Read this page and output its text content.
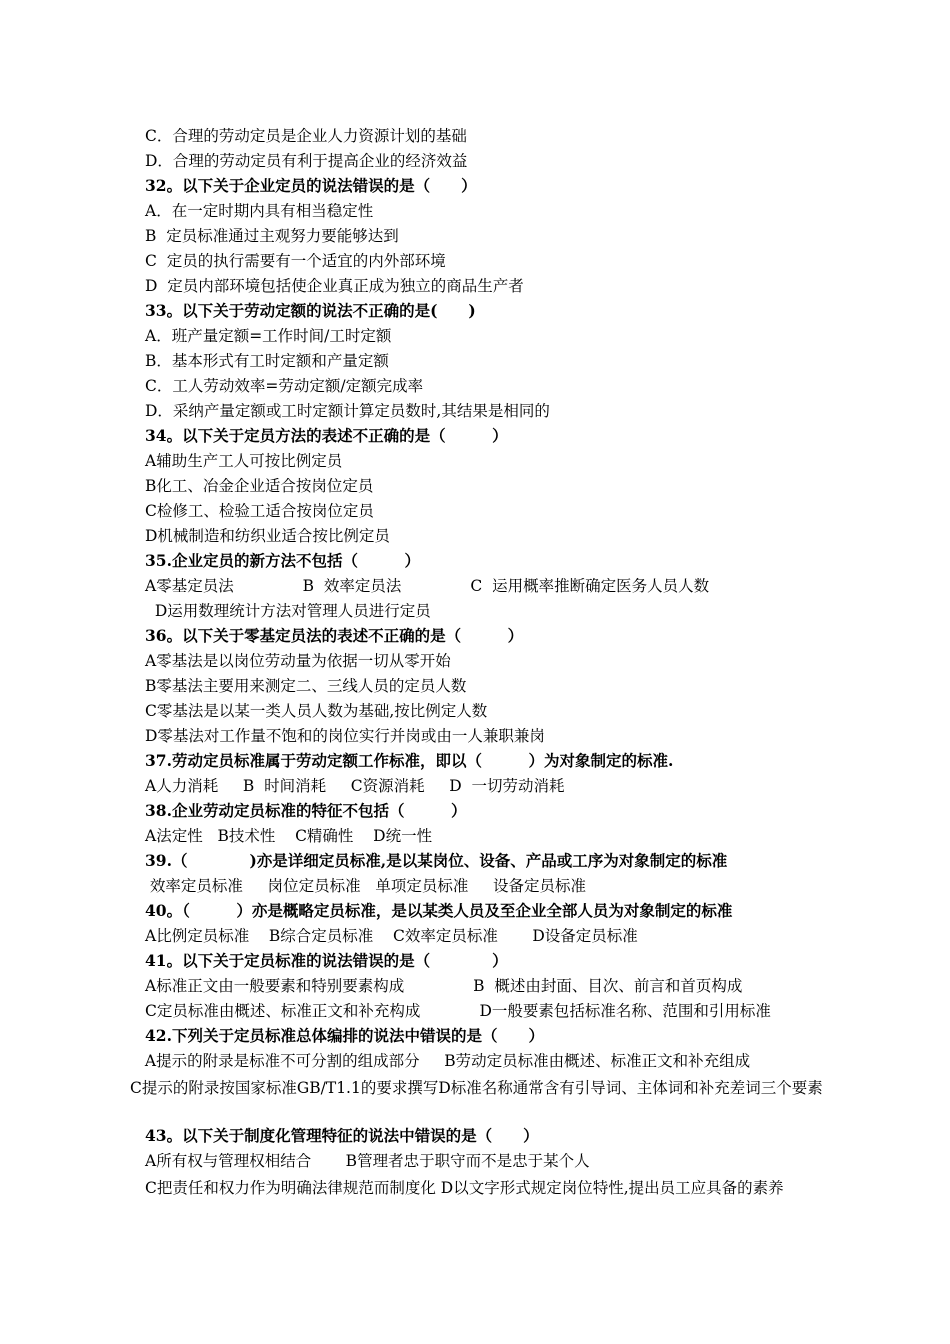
C．合理的劳动定员是企业人力资源计划的基础
D．合理的劳动定员有利于提高企业的经济效益
32。以下关于企业定员的说法错误的是（　　）
A．在一定时期内具有相当稳定性
B  定员标准通过主观努力要能够达到
C  定员的执行需要有一个适宜的内外部环境
D  定员内部环境包括使企业真正成为独立的商品生产者
33。以下关于劳动定额的说法不正确的是(　　)
A．班产量定额=工作时间/工时定额
B．基本形式有工时定额和产量定额
C．工人劳动效率=劳动定额/定额完成率
D．采纳产量定额或工时定额计算定员数时,其结果是相同的
34。以下关于定员方法的表述不正确的是（　　　）
A辅助生产工人可按比例定员
B化工、冶金企业适合按岗位定员
C检修工、检验工适合按岗位定员
D机械制造和纺织业适合按比例定员
35.企业定员的新方法不包括（　　　）
A零基定员法              B  效率定员法              C  运用概率推断确定医务人员人数
D运用数理统计方法对管理人员进行定员
36。以下关于零基定员法的表述不正确的是（　　　）
A零基法是以岗位劳动量为依据一切从零开始
B零基法主要用来测定二、三线人员的定员人数
C零基法是以某一类人员人数为基础,按比例定人数
D零基法对工作量不饱和的岗位实行并岗或由一人兼职兼岗
37.劳动定员标准属于劳动定额工作标准，即以（　　　）为对象制定的标准.
A人力消耗     B  时间消耗     C资源消耗     D  一切劳动消耗
38.企业劳动定员标准的特征不包括（　　　）
A法定性   B技术性    C精确性    D统一性
39.（　　　　)亦是详细定员标准,是以某岗位、设备、产品或工序为对象制定的标准
效率定员标准     岗位定员标准   单项定员标准     设备定员标准
40。（　　　）亦是概略定员标准，是以某类人员及至企业全部人员为对象制定的标准
A比例定员标准    B综合定员标准    C效率定员标准       D设备定员标准
41。以下关于定员标准的说法错误的是（　　　　）
A标准正文由一般要素和特别要素构成              B  概述由封面、目次、前言和首页构成
C定员标准由概述、标准正文和补充构成            D一般要素包括标准名称、范围和引用标准
42.下列关于定员标准总体编排的说法中错误的是（　　）
A提示的附录是标准不可分割的组成部分     B劳动定员标准由概述、标准正文和补充组成
C提示的附录按国家标准GB/T1.1的要求撰写D标准名称通常含有引导词、主体词和补充差词三个要素
43。以下关于制度化管理特征的说法中错误的是（　　）
A所有权与管理权相结合       B管理者忠于职守而不是忠于某个人
C把责任和权力作为明确法律规范而制度化 D以文字形式规定岗位特性,提出员工应具备的素养
